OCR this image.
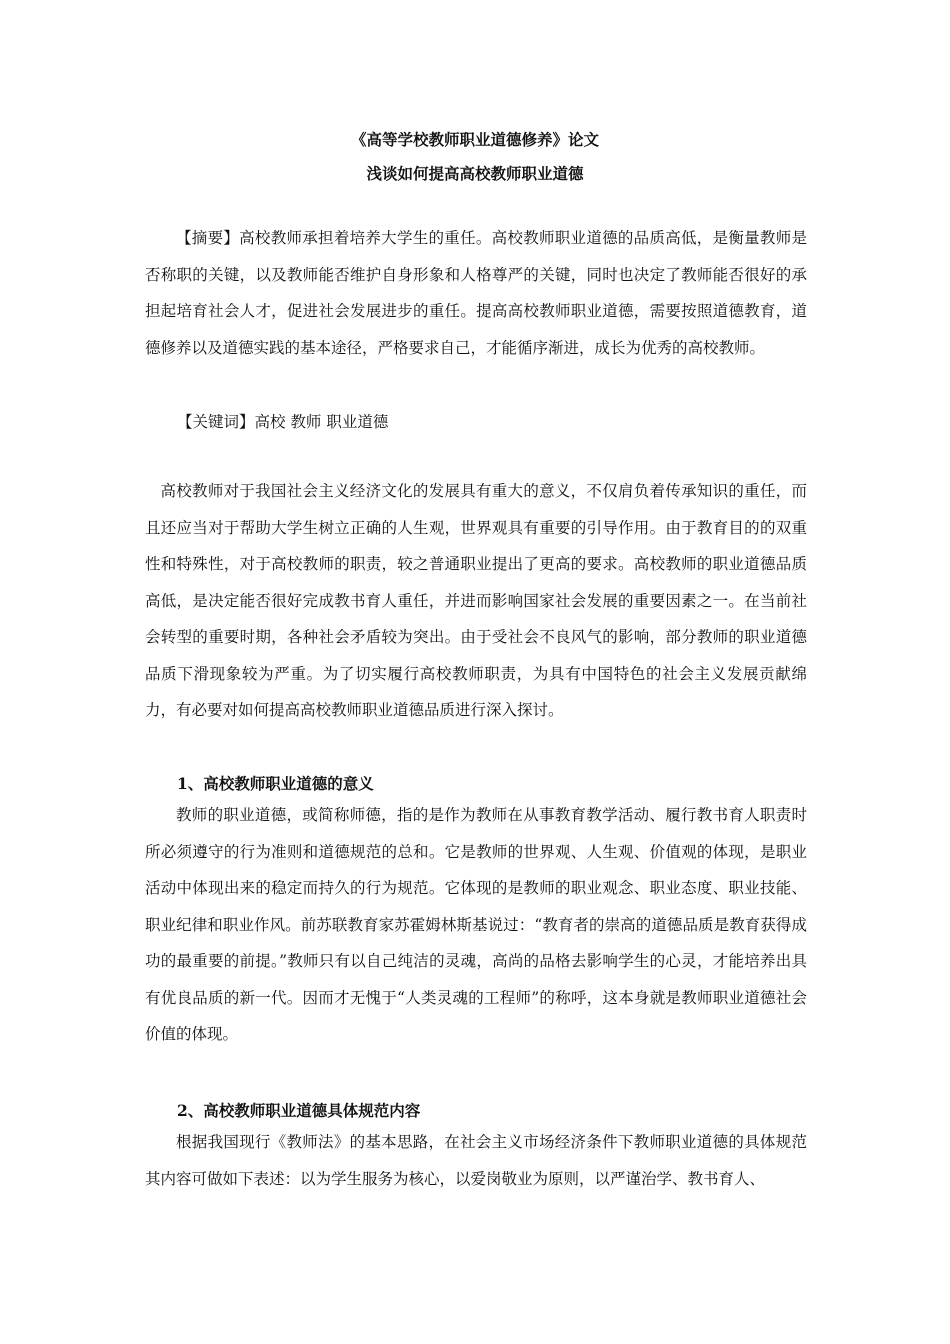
《高等学校教师职业道德修养》论文

浅谈如何提高高校教师职业道德

【摘要】高校教师承担着培养大学生的重任。高校教师职业道德的品质高低，是衡量教师是否称职的关键，以及教师能否维护自身形象和人格尊严的关键，同时也决定了教师能否很好的承担起培育社会人才，促进社会发展进步的重任。提高高校教师职业道德，需要按照道德教育，道德修养以及道德实践的基本途径，严格要求自己，才能循序渐进，成长为优秀的高校教师。

【关键词】高校 教师 职业道德

高校教师对于我国社会主义经济文化的发展具有重大的意义，不仅肩负着传承知识的重任，而且还应当对于帮助大学生树立正确的人生观，世界观具有重要的引导作用。由于教育目的的双重性和特殊性，对于高校教师的职责，较之普通职业提出了更高的要求。高校教师的职业道德品质高低，是决定能否很好完成教书育人重任，并进而影响国家社会发展的重要因素之一。在当前社会转型的重要时期，各种社会矛盾较为突出。由于受社会不良风气的影响，部分教师的职业道德品质下滑现象较为严重。为了切实履行高校教师职责，为具有中国特色的社会主义发展贡献绵力，有必要对如何提高高校教师职业道德品质进行深入探讨。

1、高校教师职业道德的意义

教师的职业道德，或简称师德，指的是作为教师在从事教育教学活动、履行教书育人职责时所必须遵守的行为准则和道德规范的总和。它是教师的世界观、人生观、价值观的体现，是职业活动中体现出来的稳定而持久的行为规范。它体现的是教师的职业观念、职业态度、职业技能、职业纪律和职业作风。前苏联教育家苏霍姆林斯基说过：“教育者的崇高的道德品质是教育获得成功的最重要的前提。”教师只有以自己纯洁的灵魂，高尚的品格去影响学生的心灵，才能培养出具有优良品质的新一代。因而才无愧于“人类灵魂的工程师”的称呼，这本身就是教师职业道德社会价值的体现。

2、高校教师职业道德具体规范内容

根据我国现行《教师法》的基本思路，在社会主义市场经济条件下教师职业道德的具体规范其内容可做如下表述：以为学生服务为核心，以爱岗敬业为原则，以严谨治学、教书育人、
